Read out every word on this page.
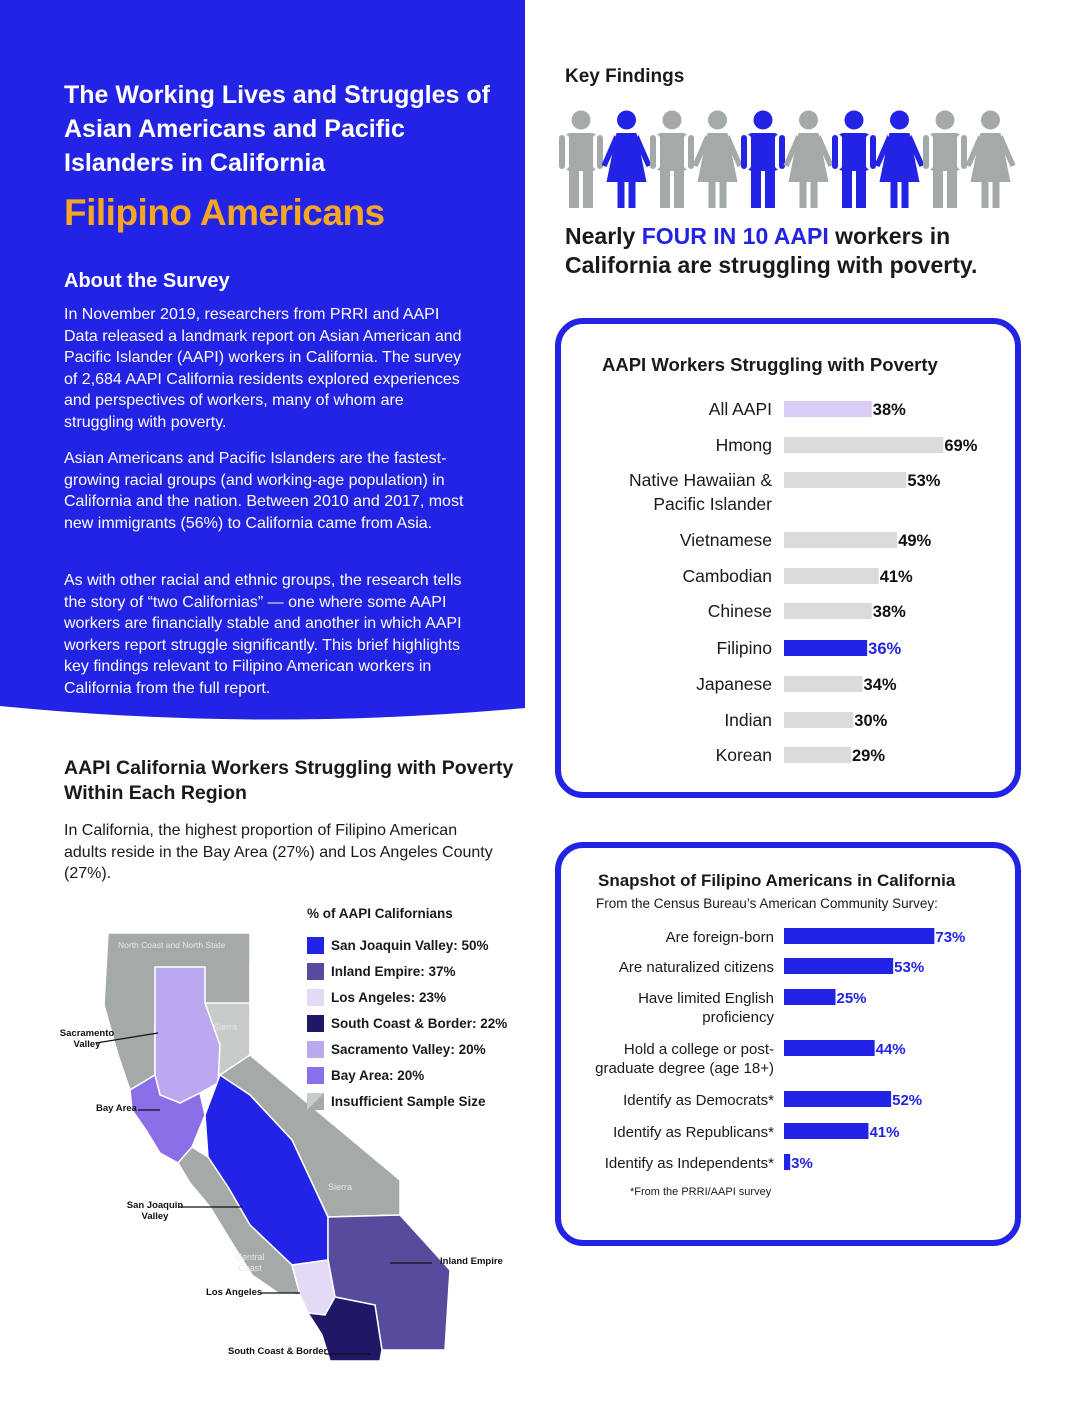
The Working Lives and Struggles of Asian Americans and Pacific Islanders in California
Filipino Americans
About the Survey

In November 2019, researchers from PRRI and AAPI Data released a landmark report on Asian American and Pacific Islander (AAPI) workers in California. The survey of 2,684 AAPI California residents explored experiences and perspectives of workers, many of whom are struggling with poverty.

Asian Americans and Pacific Islanders are the fastest-growing racial groups (and working-age population) in California and the nation. Between 2010 and 2017, most new immigrants (56%) to California came from Asia.

As with other racial and ethnic groups, the research tells the story of “two Californias” — one where some AAPI workers are financially stable and another in which AAPI workers report struggle significantly. This brief highlights key findings relevant to Filipino American workers in California from the full report.

Key Findings
Nearly FOUR IN 10 AAPI workers in California are struggling with poverty.
AAPI Workers Struggling with Poverty
38%
All AAPI
69%
Hmong
53%
Native Hawaiian &
Pacific Islander
49%
Vietnamese
41%
Cambodian
38%
Chinese
36%
Filipino
34%
Japanese
30%
Indian
29%
Korean
AAPI California Workers Struggling with Poverty Within Each Region

In California, the highest proportion of Filipino American adults reside in the Bay Area (27%) and Los Angeles County (27%).

North Coast and North State
Sierra
Sierra
Central Coast
Sacramento Valley
Bay Area
San Joaquin Valley
Inland Empire
Los Angeles
South Coast & Border
% of AAPI Californians
San Joaquin Valley: 50%
Inland Empire: 37%
Los Angeles: 23%
South Coast & Border: 22%
Sacramento Valley: 20%
Bay Area: 20%
Insufficient Sample Size
Snapshot of Filipino Americans in California
From the Census Bureau’s American Community Survey:
73%
Are foreign-born
53%
Are naturalized citizens
25%
Have limited English
proficiency
44%
Hold a college or post-
graduate degree (age 18+)
52%
Identify as Democrats*
41%
Identify as Republicans*
3%
Identify as Independents*
*From the PRRI/AAPI survey
